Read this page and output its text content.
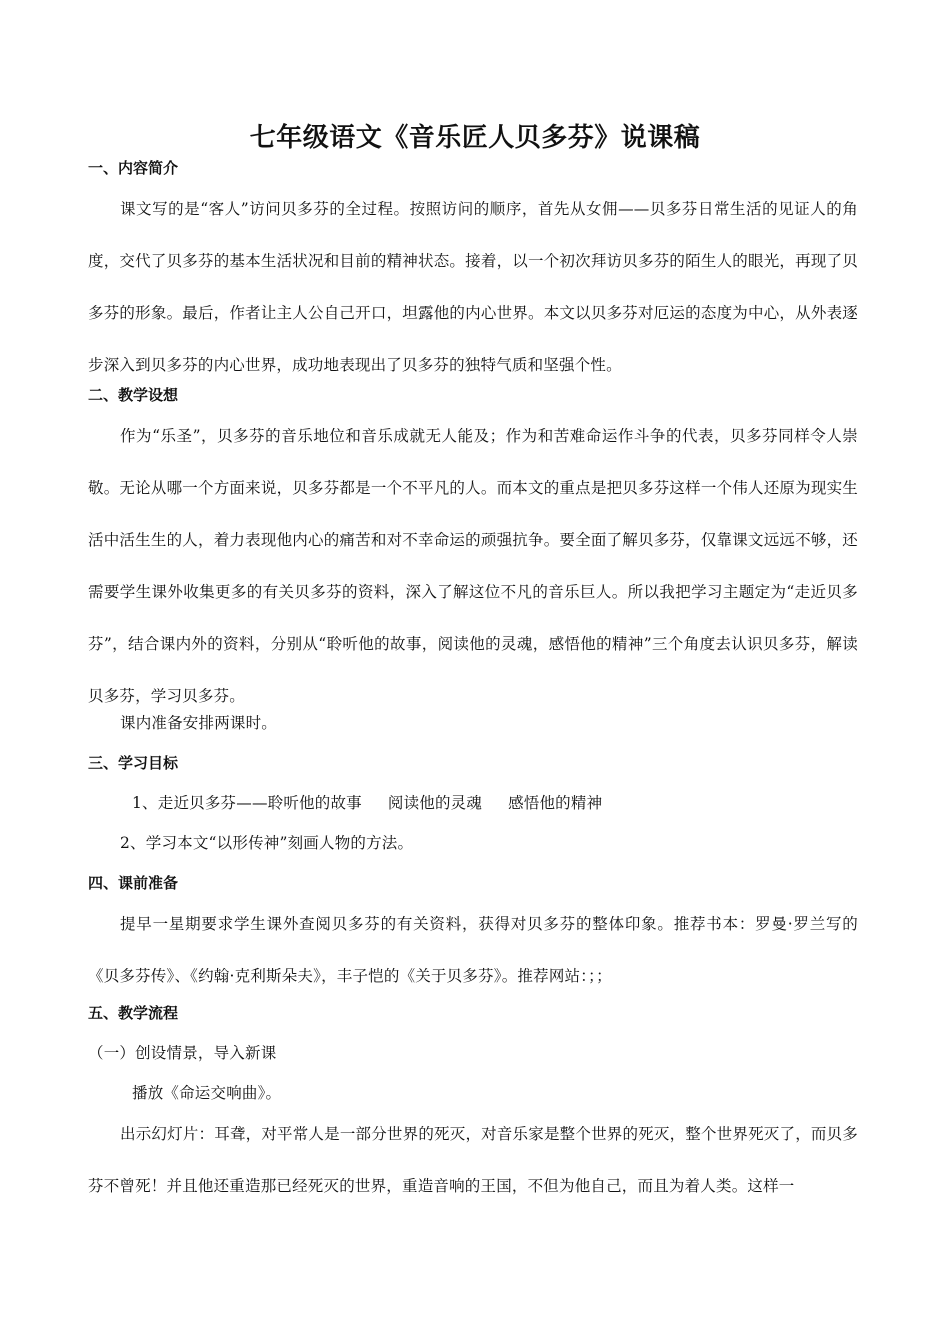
七年级语文《音乐匠人贝多芬》说课稿
一、内容简介
课文写的是“客人”访问贝多芬的全过程。按照访问的顺序，首先从女佣——贝多芬日常生活的见证人的角度，交代了贝多芬的基本生活状况和目前的精神状态。接着，以一个初次拜访贝多芬的陌生人的眼光，再现了贝多芬的形象。最后，作者让主人公自己开口，坦露他的内心世界。本文以贝多芬对厄运的态度为中心，从外表逐步深入到贝多芬的内心世界，成功地表现出了贝多芬的独特气质和坚强个性。
二、教学设想
作为“乐圣”，贝多芬的音乐地位和音乐成就无人能及；作为和苦难命运作斗争的代表，贝多芬同样令人崇敬。无论从哪一个方面来说，贝多芬都是一个不平凡的人。而本文的重点是把贝多芬这样一个伟人还原为现实生活中活生生的人，着力表现他内心的痛苦和对不幸命运的顽强抗争。要全面了解贝多芬，仅靠课文远远不够，还需要学生课外收集更多的有关贝多芬的资料，深入了解这位不凡的音乐巨人。所以我把学习主题定为“走近贝多芬”，结合课内外的资料，分别从“聆听他的故事，阅读他的灵魂，感悟他的精神”三个角度去认识贝多芬，解读贝多芬，学习贝多芬。
课内准备安排两课时。
三、学习目标
1、走近贝多芬——聆听他的故事 阅读他的灵魂 感悟他的精神
2、学习本文“以形传神”刻画人物的方法。
四、课前准备
提早一星期要求学生课外查阅贝多芬的有关资料，获得对贝多芬的整体印象。推荐书本：罗曼·罗兰写的《贝多芬传》、《约翰·克利斯朵夫》，丰子恺的《关于贝多芬》。推荐网站：；；
五、教学流程
（一）创设情景，导入新课
播放《命运交响曲》。
出示幻灯片：耳聋，对平常人是一部分世界的死灭，对音乐家是整个世界的死灭，整个世界死灭了，而贝多芬不曾死！并且他还重造那已经死灭的世界，重造音响的王国，不但为他自己，而且为着人类。这样一
